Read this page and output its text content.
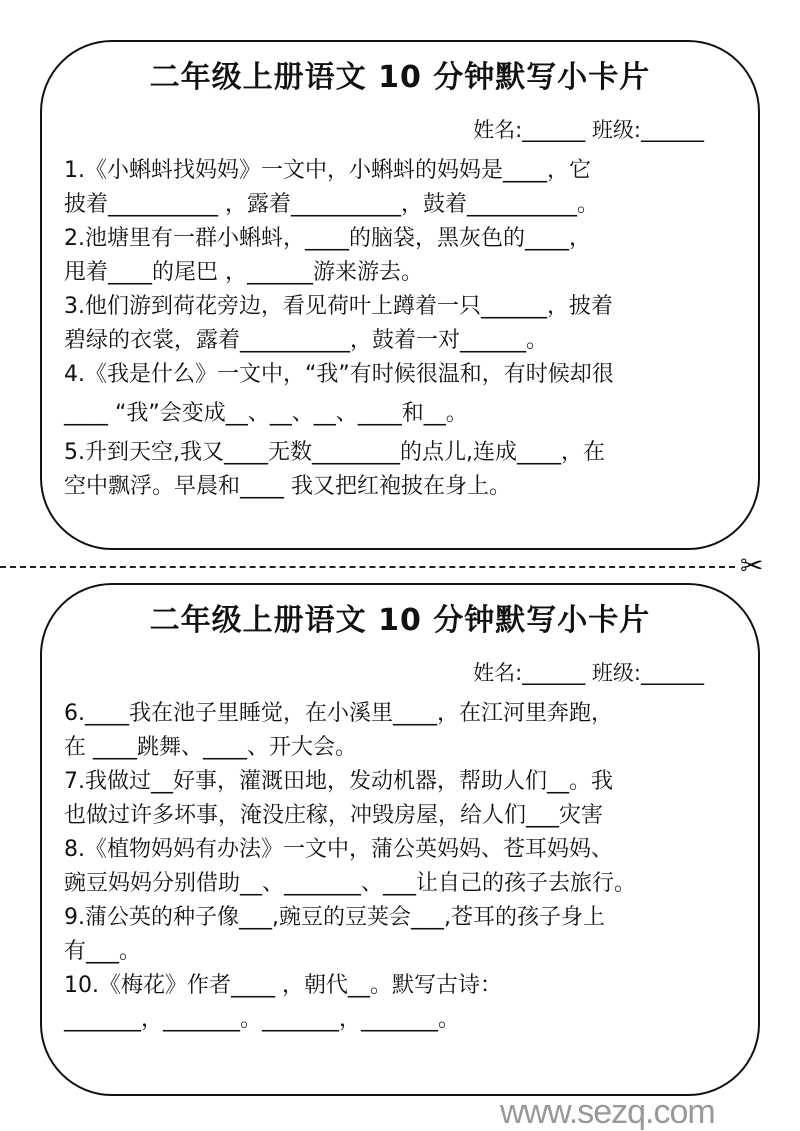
二年级上册语文 10 分钟默写小卡片
姓名:______ 班级:______
1.《小蝌蚪找妈妈》一文中，小蝌蚪的妈妈是____，它
披着__________ ，露着__________，鼓着__________。
2.池塘里有一群小蝌蚪，____的脑袋，黑灰色的____，
甩着____的尾巴 ，______游来游去。
3.他们游到荷花旁边，看见荷叶上蹲着一只______，披着
碧绿的衣裳，露着__________，鼓着一对______。
4.《我是什么》一文中，“我”有时候很温和，有时候却很
____ “我”会变成__、__、__、____和__。
5.升到天空,我又____无数________的点儿,连成____，在
空中飘浮。早晨和____ 我又把红袍披在身上。
✂
二年级上册语文 10 分钟默写小卡片
姓名:______ 班级:______
6.____我在池子里睡觉，在小溪里____，在江河里奔跑，
在 ____跳舞、____、开大会。
7.我做过__好事，灌溉田地，发动机器，帮助人们__。我
也做过许多坏事，淹没庄稼，冲毁房屋，给人们___灾害
8.《植物妈妈有办法》一文中，蒲公英妈妈、苍耳妈妈、
豌豆妈妈分别借助__、_______、___让自己的孩子去旅行。
9.蒲公英的种子像___,豌豆的豆荚会___,苍耳的孩子身上
有___。
10.《梅花》作者____ ，朝代__。默写古诗：
_______，_______。_______，_______。
www.sezq.com
